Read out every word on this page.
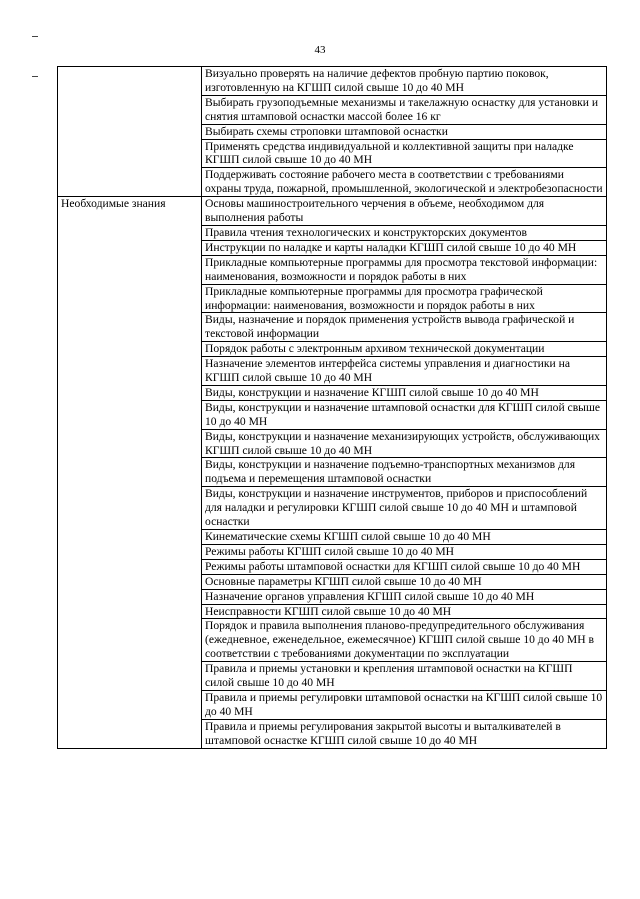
43
	Визуально проверять на наличие дефектов пробную партию поковок, изготовленную на КГШП силой свыше 10 до 40 МН
	Выбирать грузоподъемные механизмы и такелажную оснастку для установки и снятия штамповой оснастки массой более 16 кг
	Выбирать схемы строповки штамповой оснастки
	Применять средства индивидуальной и коллективной защиты при наладке КГШП силой свыше 10 до 40 МН
	Поддерживать состояние рабочего места в соответствии с требованиями охраны труда, пожарной, промышленной, экологической и электробезопасности
Необходимые знания	Основы машиностроительного черчения в объеме, необходимом для выполнения работы
	Правила чтения технологических и конструкторских документов
	Инструкции по наладке и карты наладки КГШП силой свыше 10 до 40 МН
	Прикладные компьютерные программы для просмотра текстовой информации: наименования, возможности и порядок работы в них
	Прикладные компьютерные программы для просмотра графической информации: наименования, возможности и порядок работы в них
	Виды, назначение и порядок применения устройств вывода графической и текстовой информации
	Порядок работы с электронным архивом технической документации
	Назначение элементов интерфейса системы управления и диагностики на КГШП силой свыше 10 до 40 МН
	Виды, конструкции и назначение КГШП силой свыше 10 до 40 МН
	Виды, конструкции и назначение штамповой оснастки для КГШП силой свыше 10 до 40 МН
	Виды, конструкции и назначение механизирующих устройств, обслуживающих КГШП силой свыше 10 до 40 МН
	Виды, конструкции и назначение подъемно-транспортных механизмов для подъема и перемещения штамповой оснастки
	Виды, конструкции и назначение инструментов, приборов и приспособлений для наладки и регулировки КГШП силой свыше 10 до 40 МН и штамповой оснастки
	Кинематические схемы КГШП силой свыше 10 до 40 МН
	Режимы работы КГШП силой свыше 10 до 40 МН
	Режимы работы штамповой оснастки для КГШП силой свыше 10 до 40 МН
	Основные параметры КГШП силой свыше 10 до 40 МН
	Назначение органов управления КГШП силой свыше 10 до 40 МН
	Неисправности КГШП силой свыше 10 до 40 МН
	Порядок и правила выполнения планово-предупредительного обслуживания (ежедневное, еженедельное, ежемесячное) КГШП силой свыше 10 до 40 МН в соответствии с требованиями документации по эксплуатации
	Правила и приемы установки и крепления штамповой оснастки на КГШП силой свыше 10 до 40 МН
	Правила и приемы регулировки штамповой оснастки на КГШП силой свыше 10 до 40 МН
	Правила и приемы регулирования закрытой высоты и выталкивателей в штамповой оснастке КГШП силой свыше 10 до 40 МН
